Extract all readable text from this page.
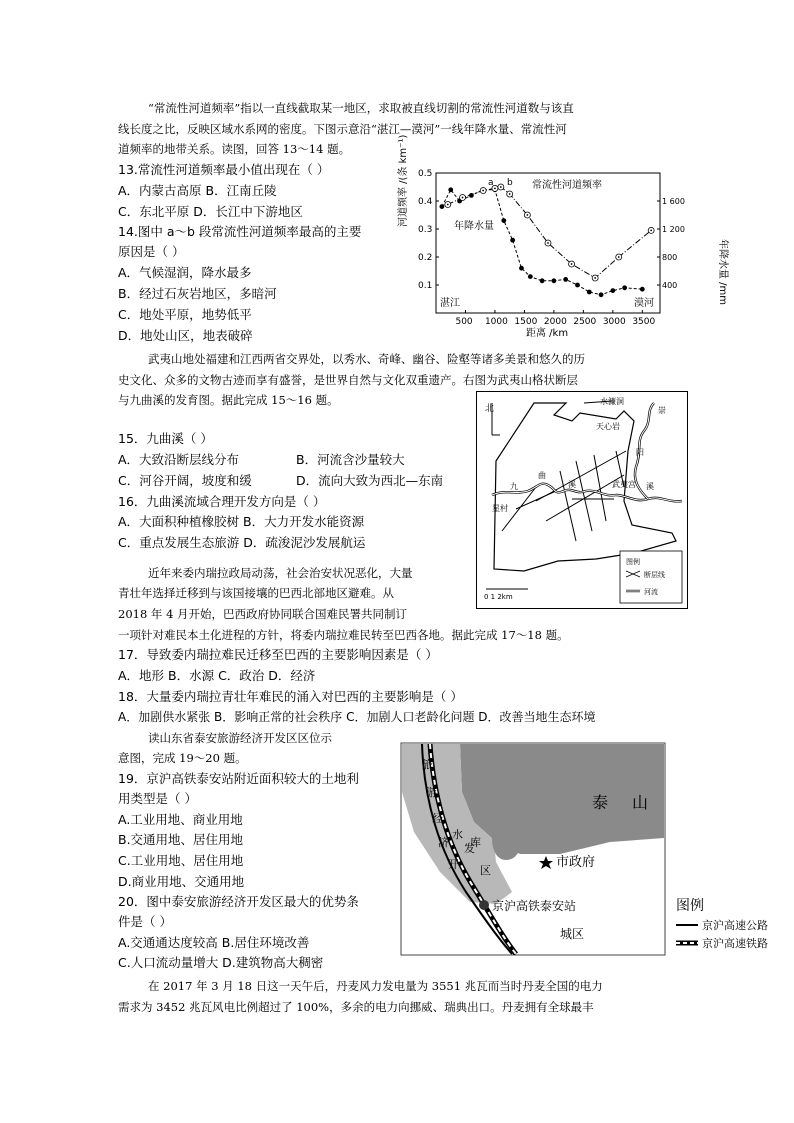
“常流性河道频率”指以一直线截取某一地区，求取被直线切割的常流性河道数与该直
线长度之比，反映区域水系网的密度。下图示意沿“湛江—漠河”一线年降水量、常流性河
道频率的地带关系。读图，回答 13～14 题。
13.常流性河道频率最小值出现在（ ）
A．内蒙古高原 B．江南丘陵
C．东北平原 D．长江中下游地区
14.图中 a～b 段常流性河道频率最高的主要
原因是（ ）
A．气候湿润，降水最多
B．经过石灰岩地区，多暗河
C．地处平原，地势低平
D．地处山区，地表破碎
500 1000 1500 2000 2500 3000 3500
0.1
0.2
0.3
0.4
0.5
400
800
1 200
1 600
河道频率 /(条 km⁻¹)
年降水量 /mm
距离 /km
湛江	漠河
常流性河道频率
年降水量
a b
武夷山地处福建和江西两省交界处，以秀水、奇峰、幽谷、险壑等诸多美景和悠久的历
史文化、众多的文物古迹而享有盛誉，是世界自然与文化双重遗产。右图为武夷山格状断层
与九曲溪的发育图。据此完成 15～16 题。
15．九曲溪（ ）
A．大致沿断层线分布	B．河流含沙量较大
C．河谷开阔，坡度和缓	D．流向大致为西北—东南
16．九曲溪流域合理开发方向是（ ）
A．大面积种植橡胶树 B．大力开发水能资源
C．重点发展生态旅游 D．疏浚泥沙发展航运
北
水濂洞
天心岩
武夷宫
星村
九
曲
溪
崇
阳
溪
图例
断层线
河流
0 1 2km
近年来委内瑞拉政局动荡，社会治安状况恶化，大量
青壮年选择迁移到与该国接壤的巴西北部地区避难。从
2018 年 4 月开始，巴西政府协同联合国难民署共同制订
一项针对难民本土化进程的方针，将委内瑞拉难民转至巴西各地。据此完成 17～18 题。
17．导致委内瑞拉难民迁移至巴西的主要影响因素是（ ）
A．地形 B．水源 C．政治 D．经济
18．大量委内瑞拉青壮年难民的涌入对巴西的主要影响是（ ）
A．加剧供水紧张 B．影响正常的社会秩序 C．加剧人口老龄化问题 D．改善当地生态环境
读山东省泰安旅游经济开发区区位示
意图，完成 19～20 题。
19．京沪高铁泰安站附近面积较大的土地利
用类型是（ ）
A.工业用地、商业用地
B.交通用地、居住用地
C.工业用地、居住用地
D.商业用地、交通用地
20．图中泰安旅游经济开发区最大的优势条
件是（ ）
A.交通通达度较高 B.居住环境改善
C.人口流动量增大 D.建筑物高大稠密
泰 山
旅
游
经
济
开
发
区
水
库
市政府
京沪高铁泰安站
城区
图例
京沪高速公路
京沪高速铁路
在 2017 年 3 月 18 日这一天午后，丹麦风力发电量为 3551 兆瓦而当时丹麦全国的电力
需求为 3452 兆瓦风电比例超过了 100%，多余的电力向挪威、瑞典出口。丹麦拥有全球最丰
